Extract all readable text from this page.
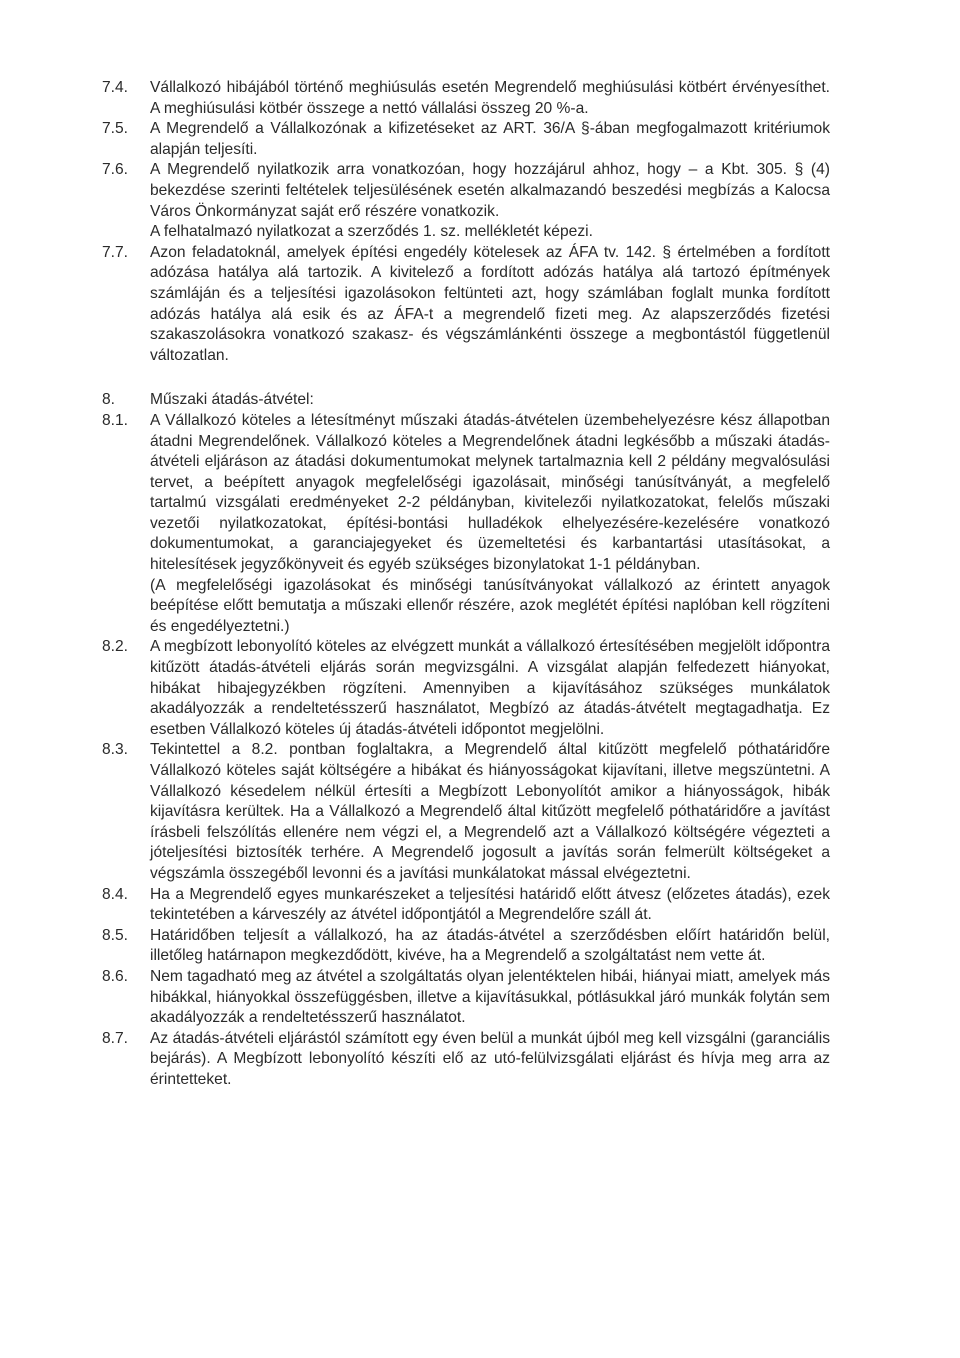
7.4.	Vállalkozó hibájából történő meghiúsulás esetén Megrendelő meghiúsulási kötbért érvényesíthet. A meghiúsulási kötbér összege a nettó vállalási összeg 20 %-a.
7.5.	A Megrendelő a Vállalkozónak a kifizetéseket az ART. 36/A §-ában megfogalmazott kritériumok alapján teljesíti.
7.6.	A Megrendelő nyilatkozik arra vonatkozóan, hogy hozzájárul ahhoz, hogy – a Kbt. 305. § (4) bekezdése szerinti feltételek teljesülésének esetén alkalmazandó beszedési megbízás a Kalocsa Város Önkormányzat saját erő részére vonatkozik.
A felhatalmazó nyilatkozat a szerződés 1. sz. mellékletét képezi.
7.7.	Azon feladatoknál, amelyek építési engedély kötelesek az ÁFA tv. 142. § értelmében a fordított adózása hatálya alá tartozik. A kivitelező a fordított adózás hatálya alá tartozó építmények számláján és a teljesítési igazolásokon feltünteti azt, hogy számlában foglalt munka fordított adózás hatálya alá esik és az ÁFA-t a megrendelő fizeti meg. Az alapszerződés fizetési szakaszolásokra vonatkozó szakasz- és végszámlánkénti összege a megbontástól függetlenül változatlan.
8.	Műszaki átadás-átvétel:
8.1.	A Vállalkozó köteles a létesítményt műszaki átadás-átvételen üzembehelyezésre kész állapotban átadni Megrendelőnek. Vállalkozó köteles a Megrendelőnek átadni legkésőbb a műszaki átadás-átvételi eljáráson az átadási dokumentumokat melynek tartalmaznia kell 2 példány megvalósulási tervet, a beépített anyagok megfelelőségi igazolásait, minőségi tanúsítványát, a megfelelő tartalmú vizsgálati eredményeket 2-2 példányban, kivitelezői nyilatkozatokat, felelős műszaki vezetői nyilatkozatokat, építési-bontási hulladékok elhelyezésére-kezelésére vonatkozó dokumentumokat, a garanciajegyeket és üzemeltetési és karbantartási utasításokat, a hitelesítések jegyzőkönyveit és egyéb szükséges bizonylatokat 1-1 példányban.
(A megfelelőségi igazolásokat és minőségi tanúsítványokat vállalkozó az érintett anyagok beépítése előtt bemutatja a műszaki ellenőr részére, azok meglétét építési naplóban kell rögzíteni és engedélyeztetni.)
8.2.	A megbízott lebonyolító köteles az elvégzett munkát a vállalkozó értesítésében megjelölt időpontra kitűzött átadás-átvételi eljárás során megvizsgálni. A vizsgálat alapján felfedezett hiányokat, hibákat hibajegyzékben rögzíteni. Amennyiben a kijavításához szükséges munkálatok akadályozzák a rendeltetésszerű használatot, Megbízó az átadás-átvételt megtagadhatja. Ez esetben Vállalkozó köteles új átadás-átvételi időpontot megjelölni.
8.3.	Tekintettel a 8.2. pontban foglaltakra, a Megrendelő által kitűzött megfelelő póthatáridőre Vállalkozó köteles saját költségére a hibákat és hiányosságokat kijavítani, illetve megszüntetni. A Vállalkozó késedelem nélkül értesíti a Megbízott Lebonyolítót amikor a hiányosságok, hibák kijavításra kerültek. Ha a Vállalkozó a Megrendelő által kitűzött megfelelő póthatáridőre a javítást írásbeli felszólítás ellenére nem végzi el, a Megrendelő azt a Vállalkozó költségére végezteti a jóteljesítési biztosíték terhére. A Megrendelő jogosult a javítás során felmerült költségeket a végszámla összegéből levonni és a javítási munkálatokat mással elvégeztetni.
8.4.	Ha a Megrendelő egyes munkarészeket a teljesítési határidő előtt átvesz (előzetes átadás), ezek tekintetében a kárveszély az átvétel időpontjától a Megrendelőre száll át.
8.5.	Határidőben teljesít a vállalkozó, ha az átadás-átvétel a szerződésben előírt határidőn belül, illetőleg határnapon megkezdődött, kivéve, ha a Megrendelő a szolgáltatást nem vette át.
8.6.	Nem tagadható meg az átvétel a szolgáltatás olyan jelentéktelen hibái, hiányai miatt, amelyek más hibákkal, hiányokkal összefüggésben, illetve a kijavításukkal, pótlásukkal járó munkák folytán sem akadályozzák a rendeltetésszerű használatot.
8.7.	Az átadás-átvételi eljárástól számított egy éven belül a munkát újból meg kell vizsgálni (garanciális bejárás). A Megbízott lebonyolító készíti elő az utó-felülvizsgálati eljárást és hívja meg arra az érintetteket.
